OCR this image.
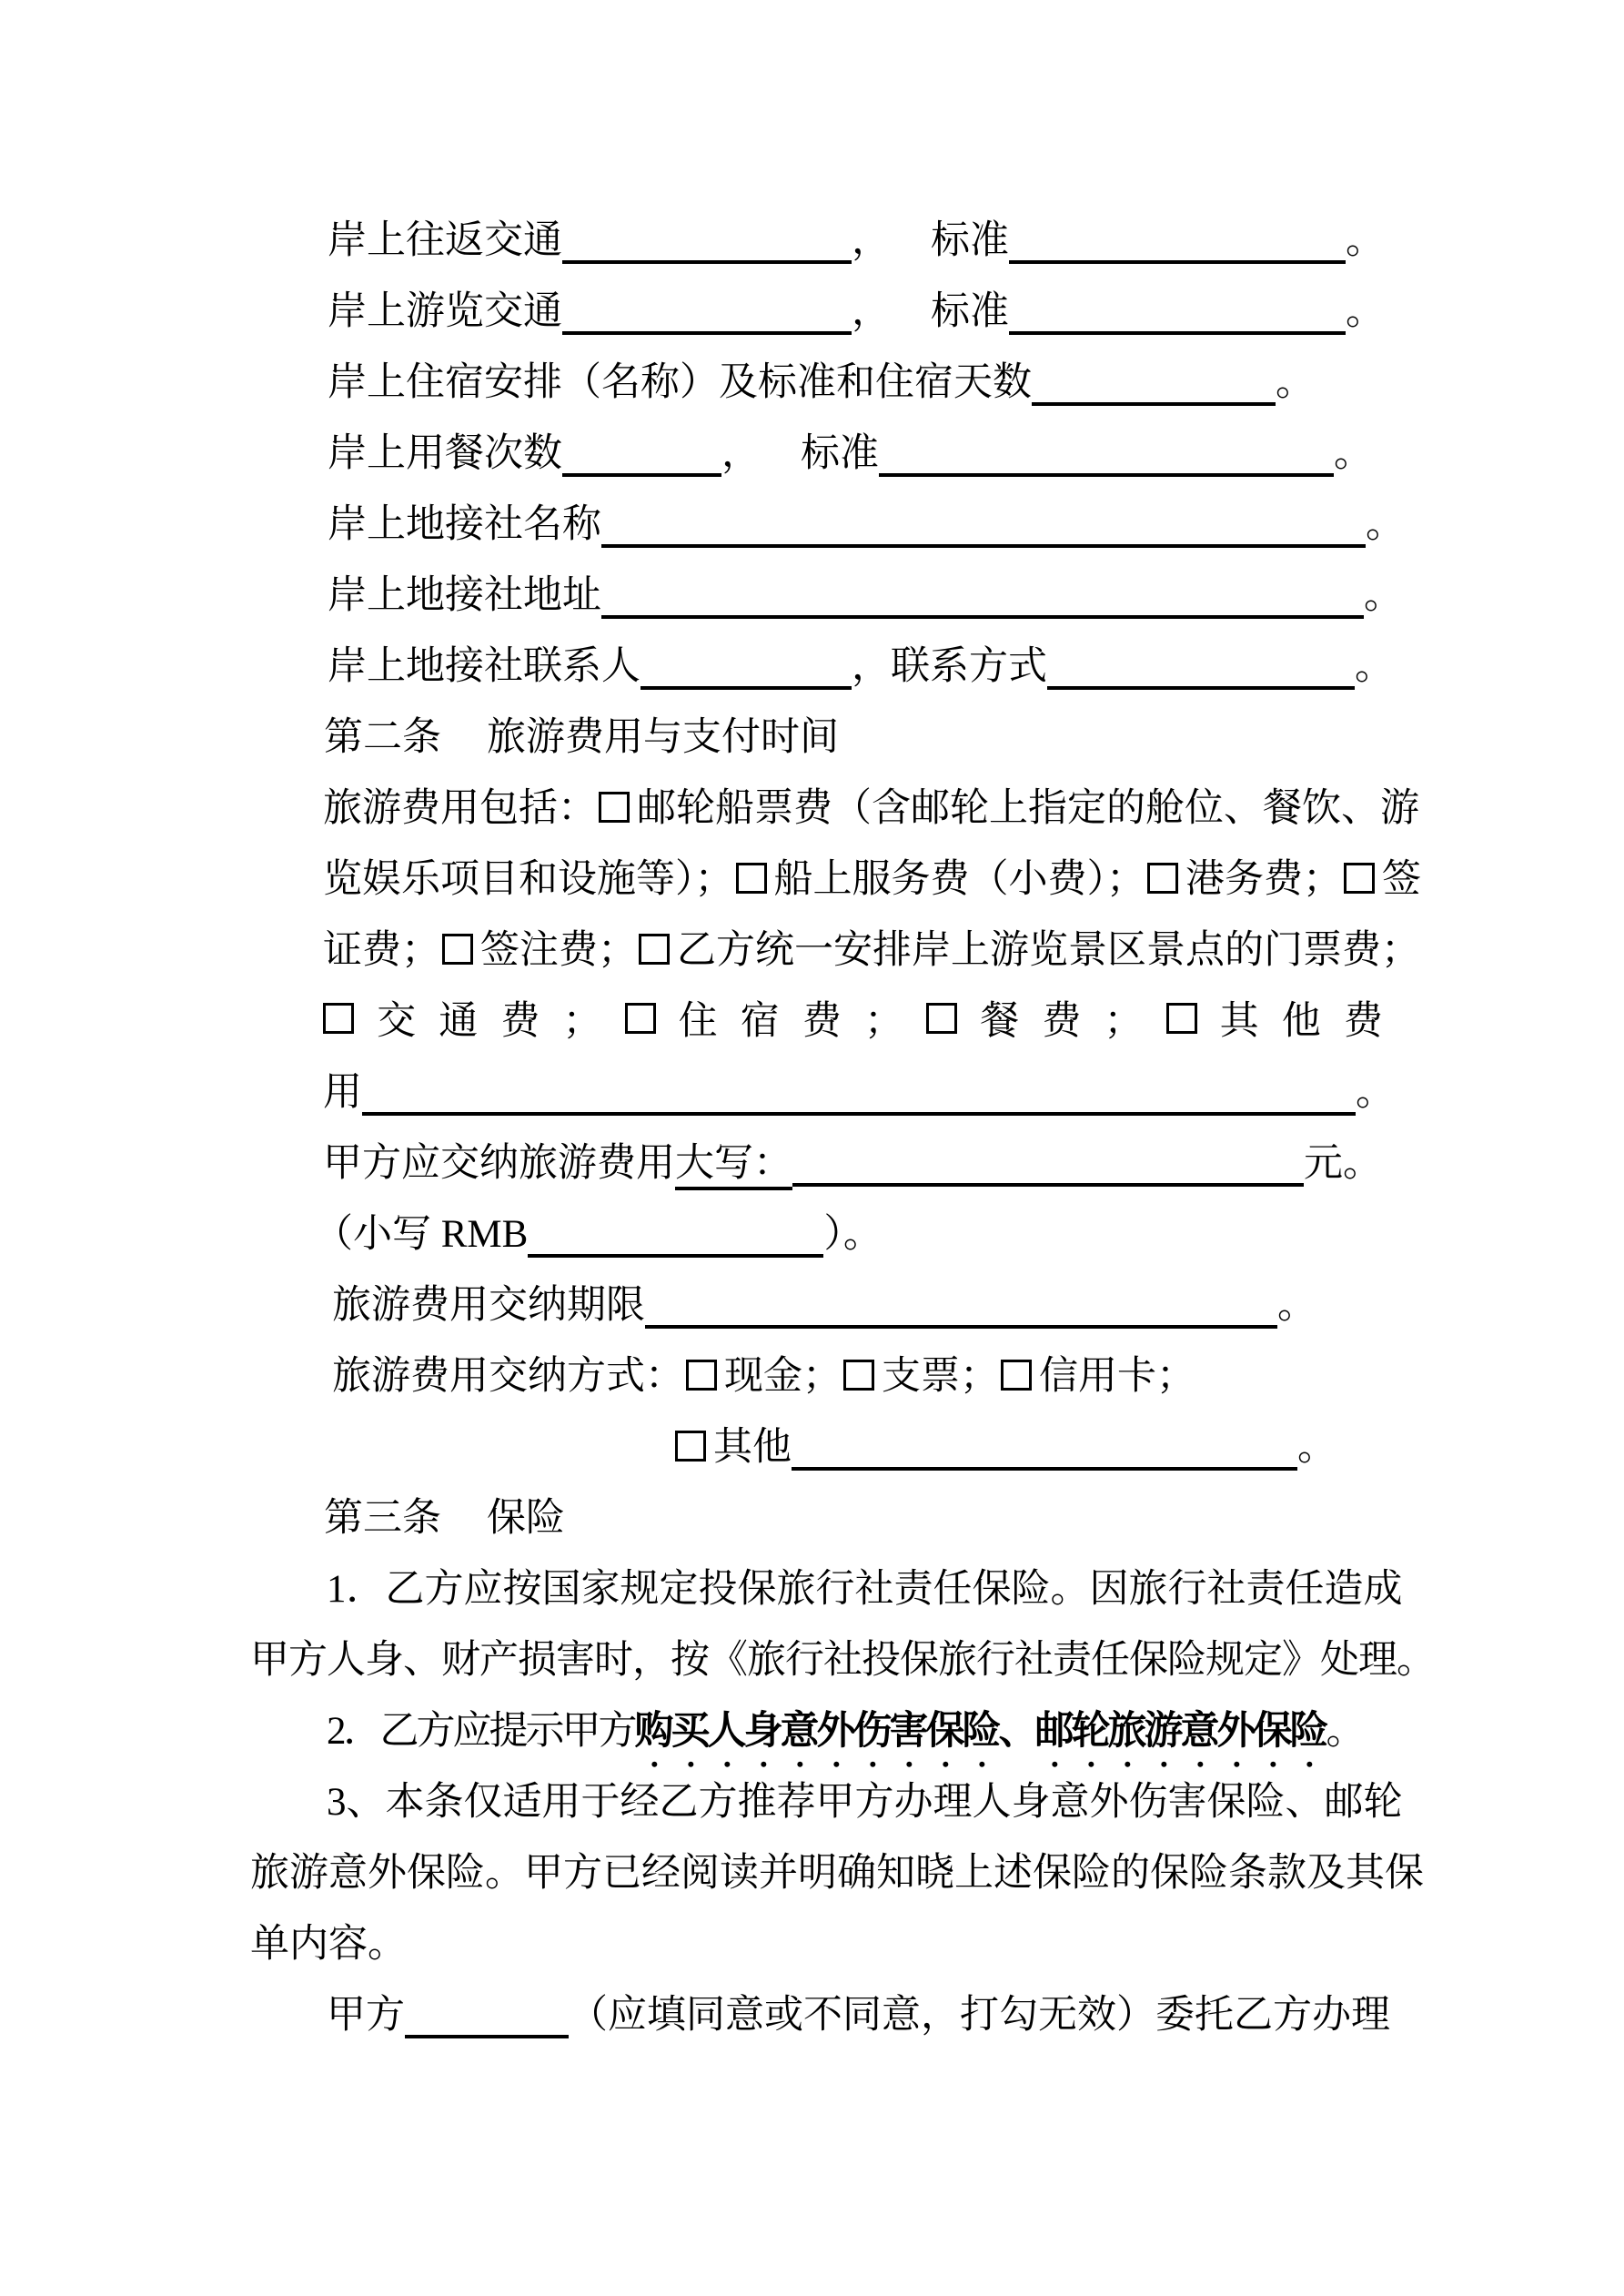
岸上往返交通	， 标准	。
岸上游览交通	， 标准	。
岸上住宿安排（名称）及标准和住宿天数	。
岸上用餐次数	， 标准	。
岸上地接社名称	。
岸上地接社地址	。
岸上地接社联系人	，联系方式	。
第二条 旅游费用与支付时间
旅游费用包括： 邮轮船票费（含邮轮上指定的舱位、餐饮、游
览娱乐项目和设施等）； 船上服务费（小费）； 港务费； 签
证费； 签注费； 乙方统一安排岸上游览景区景点的门票费；
交 通 费 ； 住 宿 费 ； 餐 费 ； 其 他 费
用	。
甲方应交纳旅游费用大写：	元。
（小写 RMB	）。
旅游费用交纳期限	。
旅游费用交纳方式： 现金； 支票； 信用卡；
其他	。
第三条 保险
1．乙方应按国家规定投保旅行社责任保险。因旅行社责任造成
甲方人身、财产损害时，按《旅行社投保旅行社责任保险规定》处理。
2．乙方应提示甲方购买人身意外伤害保险、邮轮旅游意外保险。
3、本条仅适用于经乙方推荐甲方办理人身意外伤害保险、邮轮
旅游意外保险。甲方已经阅读并明确知晓上述保险的保险条款及其保
单内容。
甲方	（应填同意或不同意，打勾无效）委托乙方办理
